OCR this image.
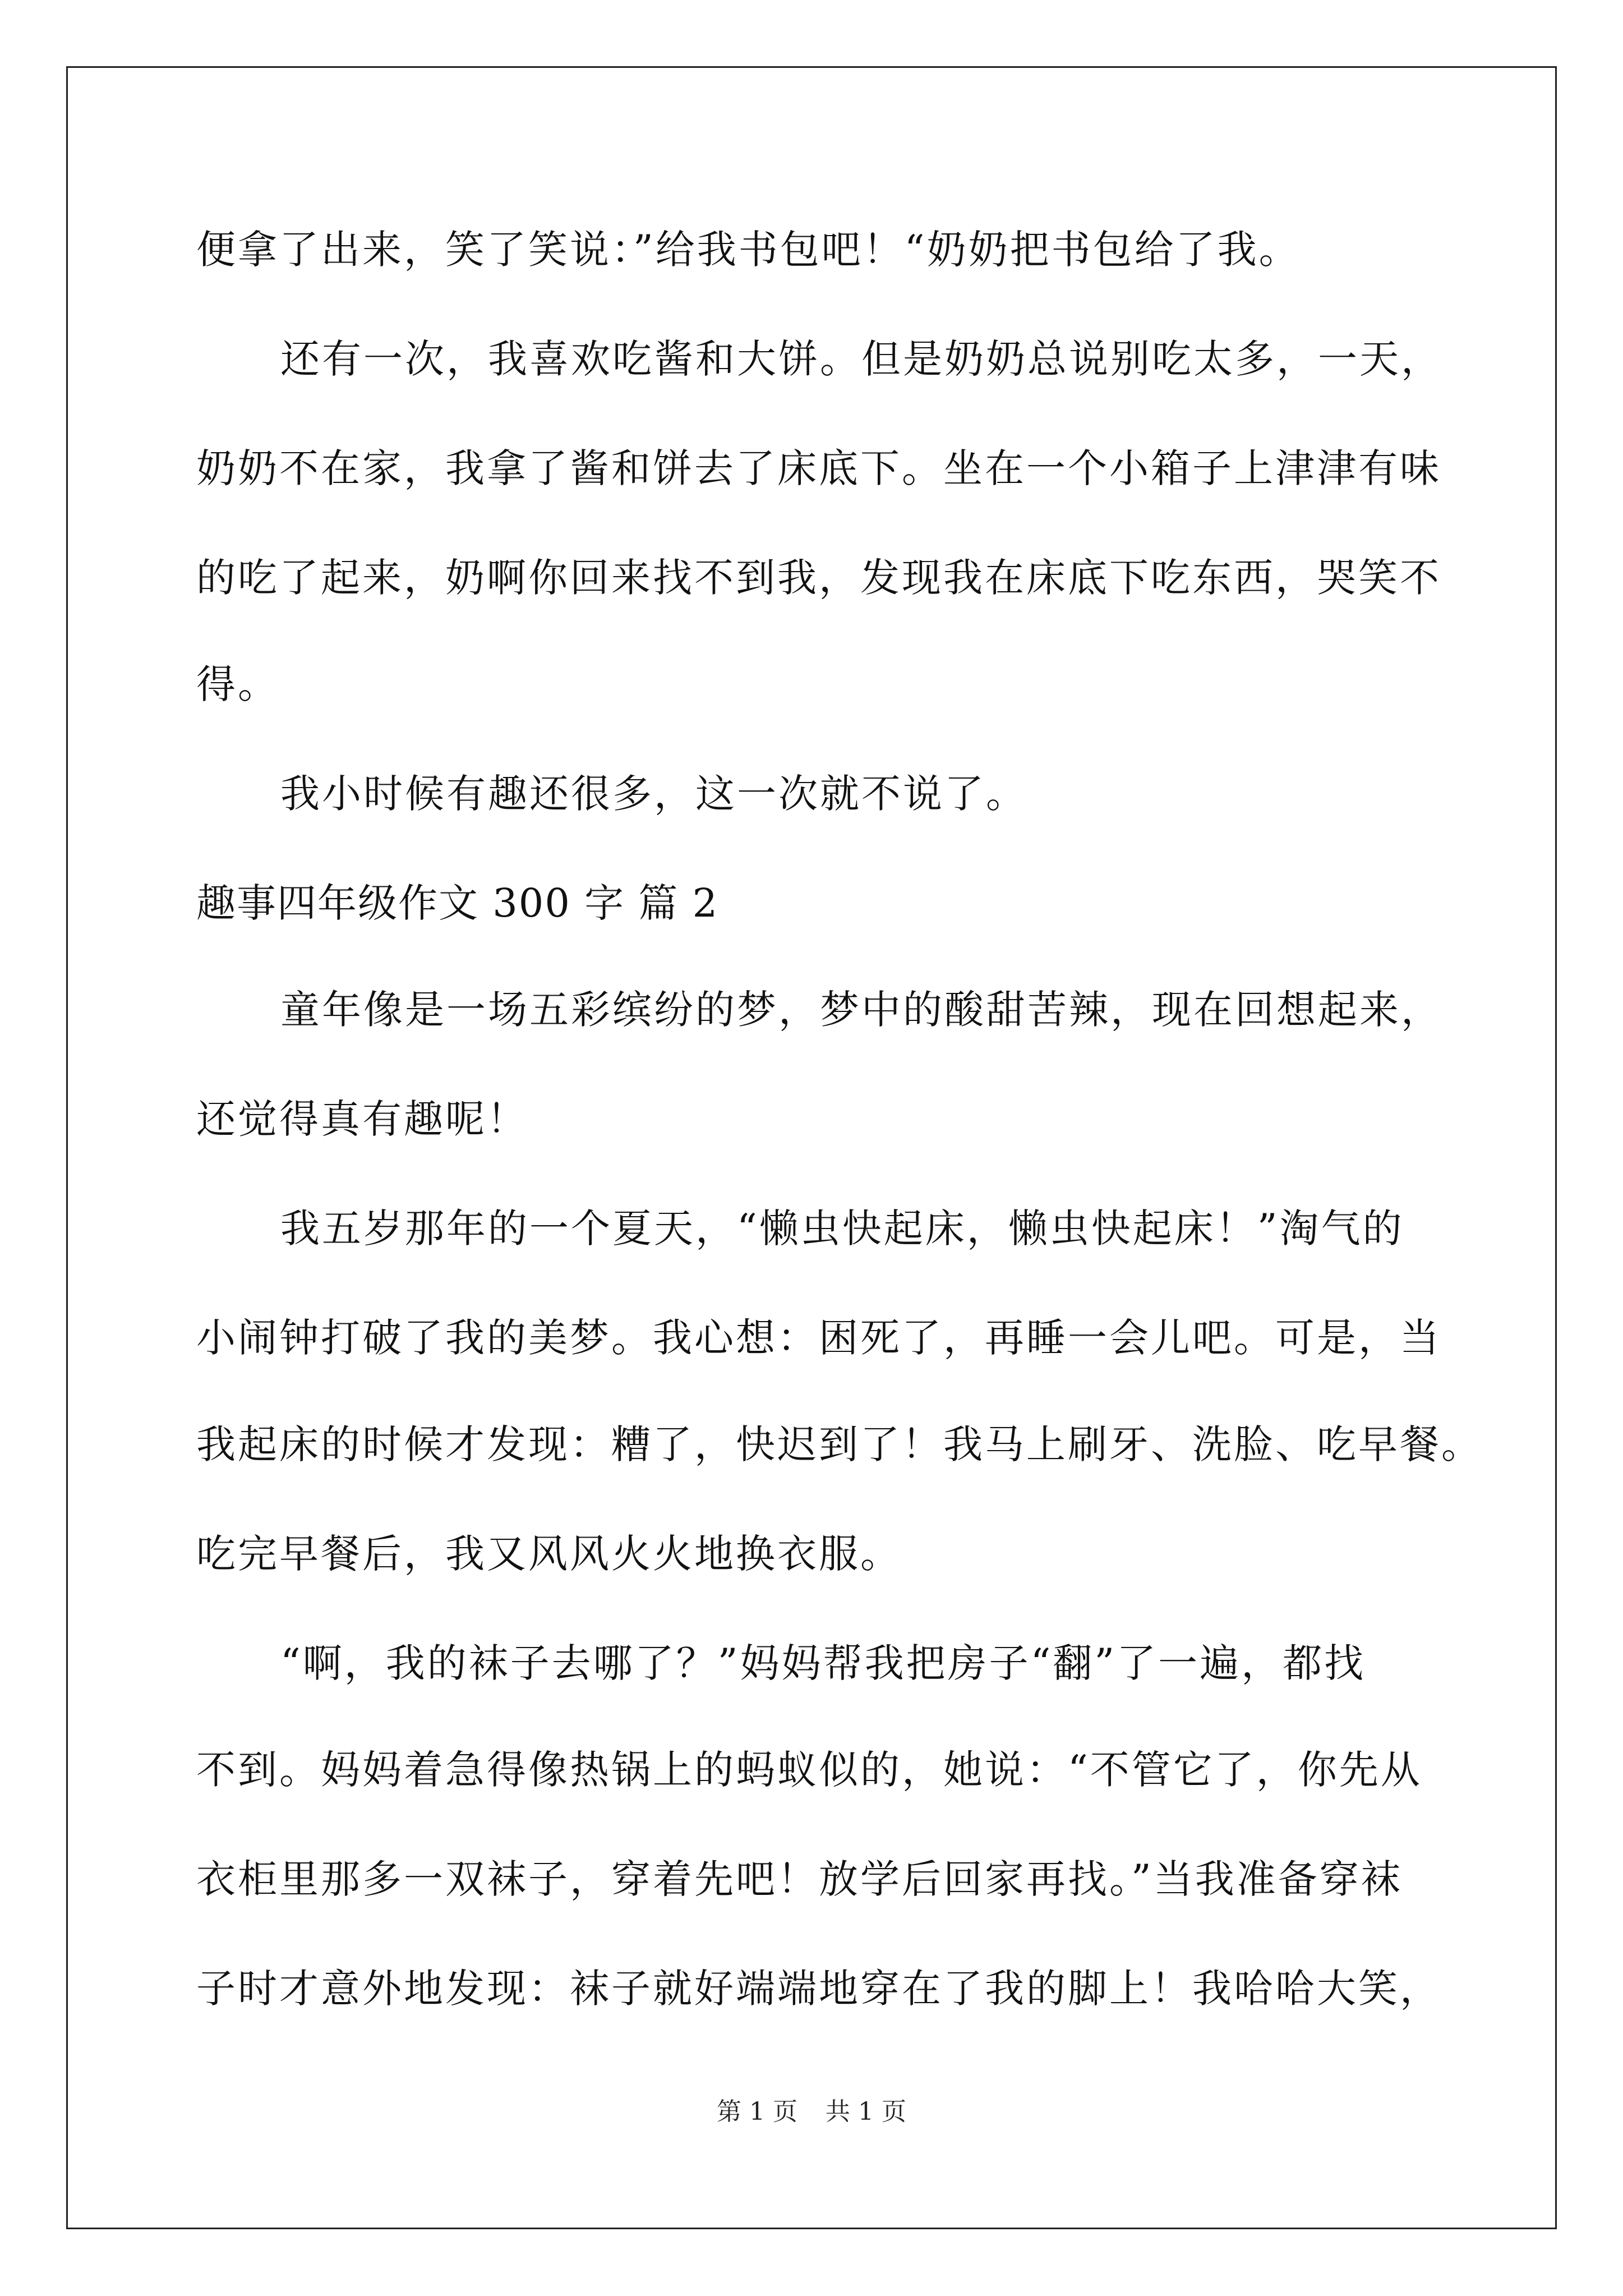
便拿了出来，笑了笑说：”给我书包吧！“奶奶把书包给了我。

还有一次，我喜欢吃酱和大饼。但是奶奶总说别吃太多，一天，

奶奶不在家，我拿了酱和饼去了床底下。坐在一个小箱子上津津有味

的吃了起来，奶啊你回来找不到我，发现我在床底下吃东西，哭笑不

得。

我小时候有趣还很多，这一次就不说了。

趣事四年级作文 300 字 篇 2

童年像是一场五彩缤纷的梦，梦中的酸甜苦辣，现在回想起来，

还觉得真有趣呢！

我五岁那年的一个夏天，“懒虫快起床，懒虫快起床！”淘气的

小闹钟打破了我的美梦。我心想：困死了，再睡一会儿吧。可是，当

我起床的时候才发现：糟了，快迟到了！我马上刷牙、洗脸、吃早餐。

吃完早餐后，我又风风火火地换衣服。

“啊，我的袜子去哪了？”妈妈帮我把房子“翻”了一遍，都找

不到。妈妈着急得像热锅上的蚂蚁似的，她说：“不管它了，你先从

衣柜里那多一双袜子，穿着先吧！放学后回家再找。”当我准备穿袜

子时才意外地发现：袜子就好端端地穿在了我的脚上！我哈哈大笑，

第 1 页 共 1 页
